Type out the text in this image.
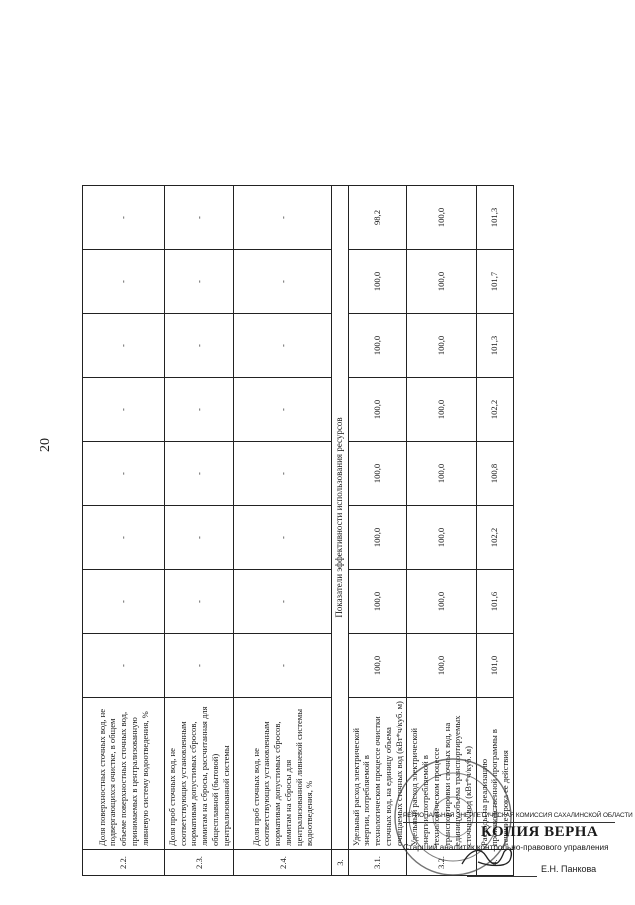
20
2.2.	Доля поверхностных сточных вод, не подвергающихся очистке, в общем объеме поверхностных сточных вод, принимаемых в централизованную ливневую систему водоотведения, %	-	-	-	-	-	-	-	-
2.3.	Доля проб сточных вод, не соответствующих установленным нормативам допустимых сбросов, лимитам на сбросы, рассчитанная для общесплавной (бытовой) централизованной системы	-	-	-	-	-	-	-	-
2.4.	Доля проб сточных вод, не соответствующих установленным нормативам допустимых сбросов, лимитам на сбросы для централизованной ливневой системы водоотведения, %	-	-	-	-	-	-	-	-
3.	Показатели эффективности использования ресурсов								
3.1.	Удельный расход электрической энергии, потребляемой в технологическом процессе очистки сточных вод, на единицу объема очищаемых сточных вод (кВт*ч/куб. м)	100,0	100,0	100,0	100,0	100,0	100,0	100,0	98,2
3.2.	Удельный расход электрической энергии, потребляемой в технологическом процессе транспортировки сточных вод, на единицу объема транспортируемых сточных вод (кВт*ч/куб. м)	100,0	100,0	100,0	100,0	100,0	100,0	100,0	100,0
4.	Расходы на реализацию производственной программы в течение срока ее действия	101,0	101,6	102,2	100,8	102,2	101,3	101,7	101,3
РЕГИОНАЛЬНАЯ ЭНЕРГЕТИЧЕСКАЯ КОМИССИЯ САХАЛИНСКОЙ ОБЛАСТИ
КОПИЯ ВЕРНА
Старший аналитик контрольно-правового управления
Е.Н. Панкова
